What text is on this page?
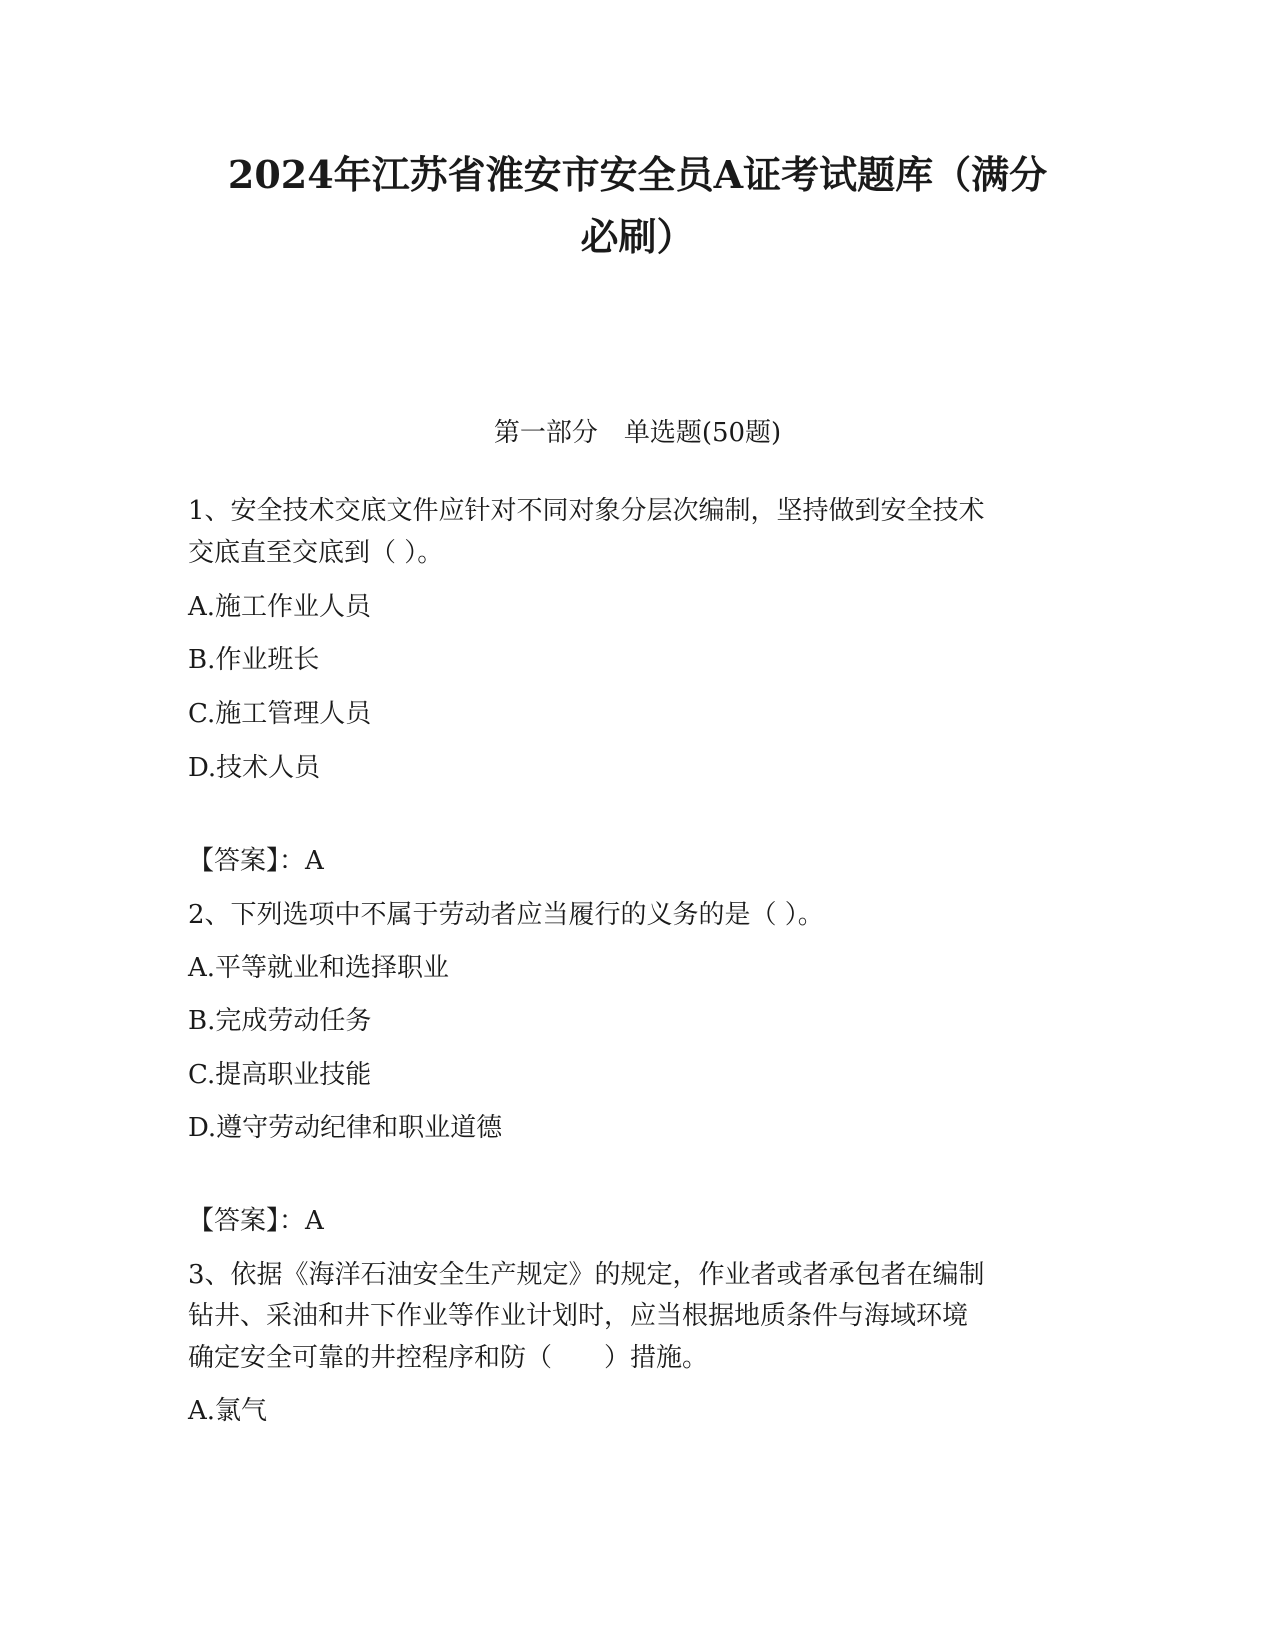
2024年江苏省淮安市安全员A证考试题库（满分
必刷）
第一部分　单选题(50题)
1、安全技术交底文件应针对不同对象分层次编制，坚持做到安全技术
交底直至交底到（ ）。
A.施工作业人员
B.作业班长
C.施工管理人员
D.技术人员
【答案】：A
2、下列选项中不属于劳动者应当履行的义务的是（ ）。
A.平等就业和选择职业
B.完成劳动任务
C.提高职业技能
D.遵守劳动纪律和职业道德
【答案】：A
3、依据《海洋石油安全生产规定》的规定，作业者或者承包者在编制
钻井、采油和井下作业等作业计划时，应当根据地质条件与海域环境
确定安全可靠的井控程序和防（　　）措施。
A.氯气
